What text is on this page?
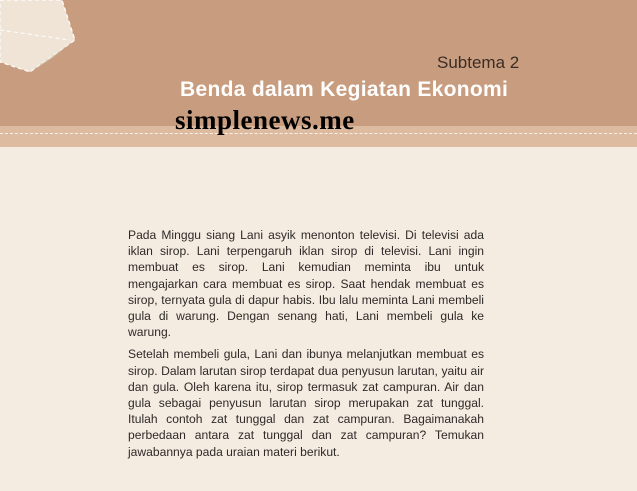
Subtema 2
Benda dalam Kegiatan Ekonomi
simplenews.me

Pada Minggu siang Lani asyik menonton televisi. Di televisi ada iklan sirop. Lani terpengaruh iklan sirop di televisi. Lani ingin membuat es sirop. Lani kemudian meminta ibu untuk mengajarkan cara membuat es sirop. Saat hendak membuat es sirop, ternyata gula di dapur habis. Ibu lalu meminta Lani membeli gula di warung. Dengan senang hati, Lani membeli gula ke warung.

Setelah membeli gula, Lani dan ibunya melanjutkan membuat es sirop. Dalam larutan sirop terdapat dua penyusun larutan, yaitu air dan gula. Oleh karena itu, sirop termasuk zat campuran. Air dan gula sebagai penyusun larutan sirop merupakan zat tunggal. Itulah contoh zat tunggal dan zat campuran. Bagaimanakah perbedaan antara zat tunggal dan zat campuran? Temukan jawabannya pada uraian materi berikut.
